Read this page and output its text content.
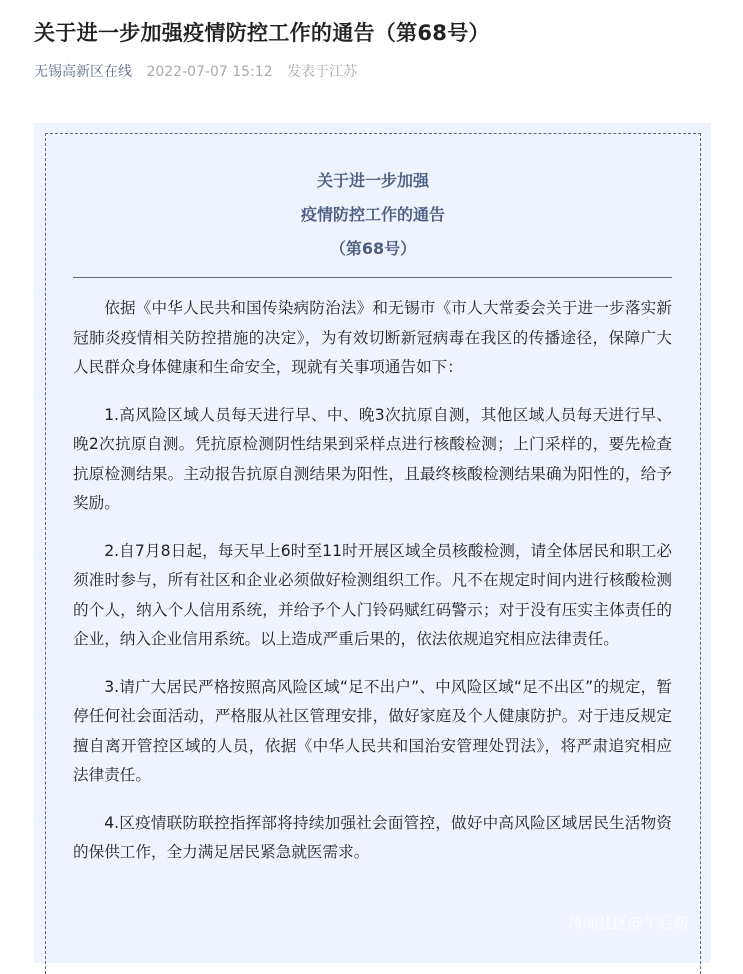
关于进一步加强疫情防控工作的通告（第68号）
无锡高新区在线 2022-07-07 15:12 发表于江苏
关于进一步加强
疫情防控工作的通告
（第68号）

依据《中华人民共和国传染病防治法》和无锡市《市人大常委会关于进一步落实新冠肺炎疫情相关防控措施的决定》，为有效切断新冠病毒在我区的传播途径，保障广大人民群众身体健康和生命安全，现就有关事项通告如下：

1.高风险区域人员每天进行早、中、晚3次抗原自测，其他区域人员每天进行早、晚2次抗原自测。凭抗原检测阴性结果到采样点进行核酸检测；上门采样的，要先检查抗原检测结果。主动报告抗原自测结果为阳性，且最终核酸检测结果确为阳性的，给予奖励。

2.自7月8日起，每天早上6时至11时开展区域全员核酸检测，请全体居民和职工必须准时参与，所有社区和企业必须做好检测组织工作。凡不在规定时间内进行核酸检测的个人，纳入个人信用系统，并给予个人门铃码赋红码警示；对于没有压实主体责任的企业，纳入企业信用系统。以上造成严重后果的，依法依规追究相应法律责任。

3.请广大居民严格按照高风险区域“足不出户”、中风险区域“足不出区”的规定，暂停任何社会面活动，严格服从社区管理安排，做好家庭及个人健康防护。对于违反规定擅自离开管控区域的人员，依据《中华人民共和国治安管理处罚法》，将严肃追究相应法律责任。

4.区疫情联防联控指挥部将持续加强社会面管控，做好中高风险区域居民生活物资的保供工作，全力满足居民紧急就医需求。

风闻社区@午后初
